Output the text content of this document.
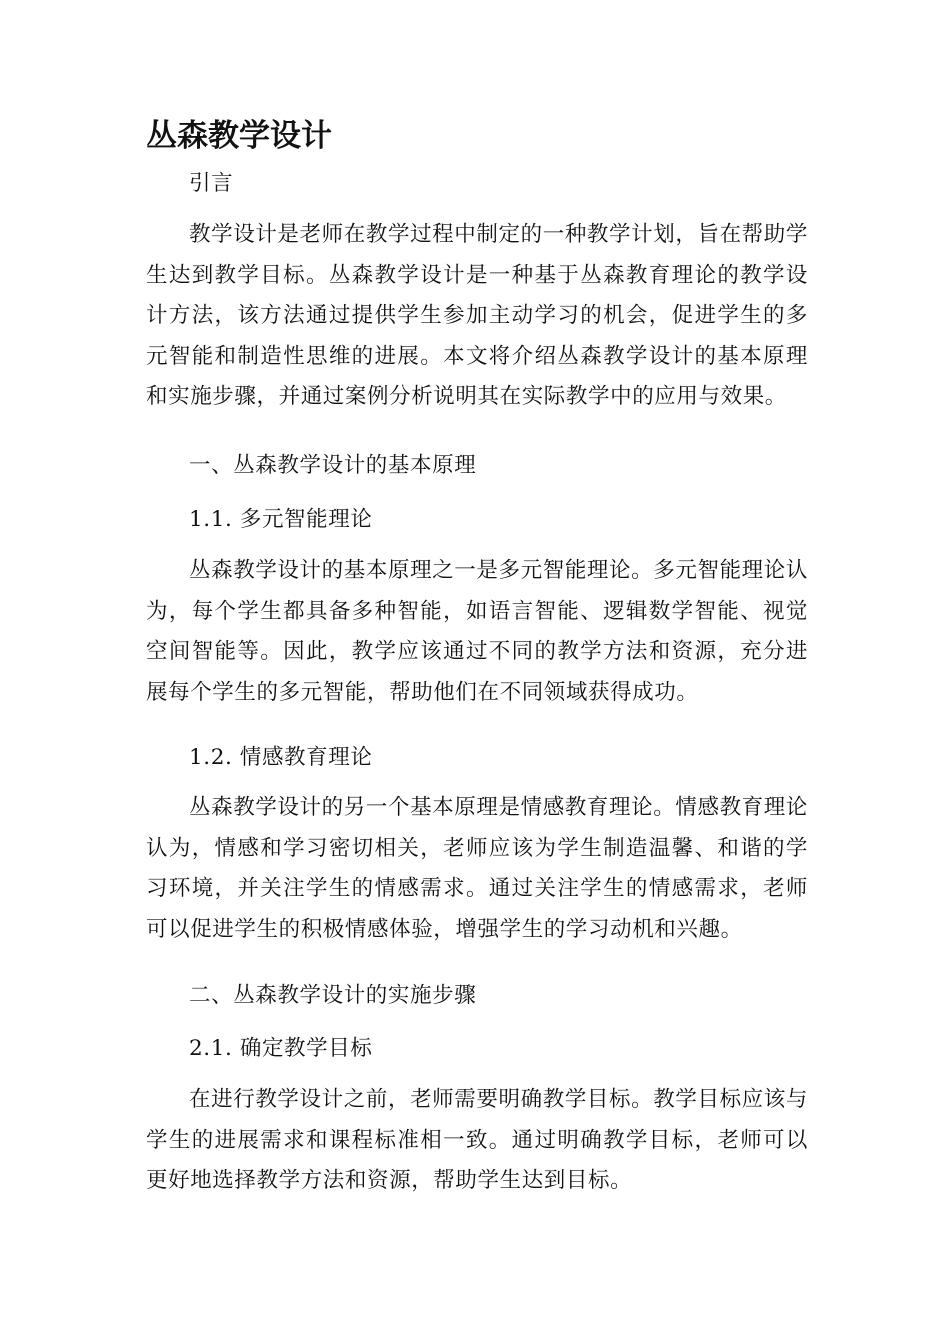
丛森教学设计

引言

教学设计是老师在教学过程中制定的一种教学计划，旨在帮助学生达到教学目标。丛森教学设计是一种基于丛森教育理论的教学设计方法，该方法通过提供学生参加主动学习的机会，促进学生的多元智能和制造性思维的进展。本文将介绍丛森教学设计的基本原理和实施步骤，并通过案例分析说明其在实际教学中的应用与效果。

一、丛森教学设计的基本原理

1.1. 多元智能理论

丛森教学设计的基本原理之一是多元智能理论。多元智能理论认为，每个学生都具备多种智能，如语言智能、逻辑数学智能、视觉空间智能等。因此，教学应该通过不同的教学方法和资源，充分进展每个学生的多元智能，帮助他们在不同领域获得成功。

1.2. 情感教育理论

丛森教学设计的另一个基本原理是情感教育理论。情感教育理论认为，情感和学习密切相关，老师应该为学生制造温馨、和谐的学习环境，并关注学生的情感需求。通过关注学生的情感需求，老师可以促进学生的积极情感体验，增强学生的学习动机和兴趣。

二、丛森教学设计的实施步骤

2.1. 确定教学目标

在进行教学设计之前，老师需要明确教学目标。教学目标应该与学生的进展需求和课程标准相一致。通过明确教学目标，老师可以更好地选择教学方法和资源，帮助学生达到目标。
